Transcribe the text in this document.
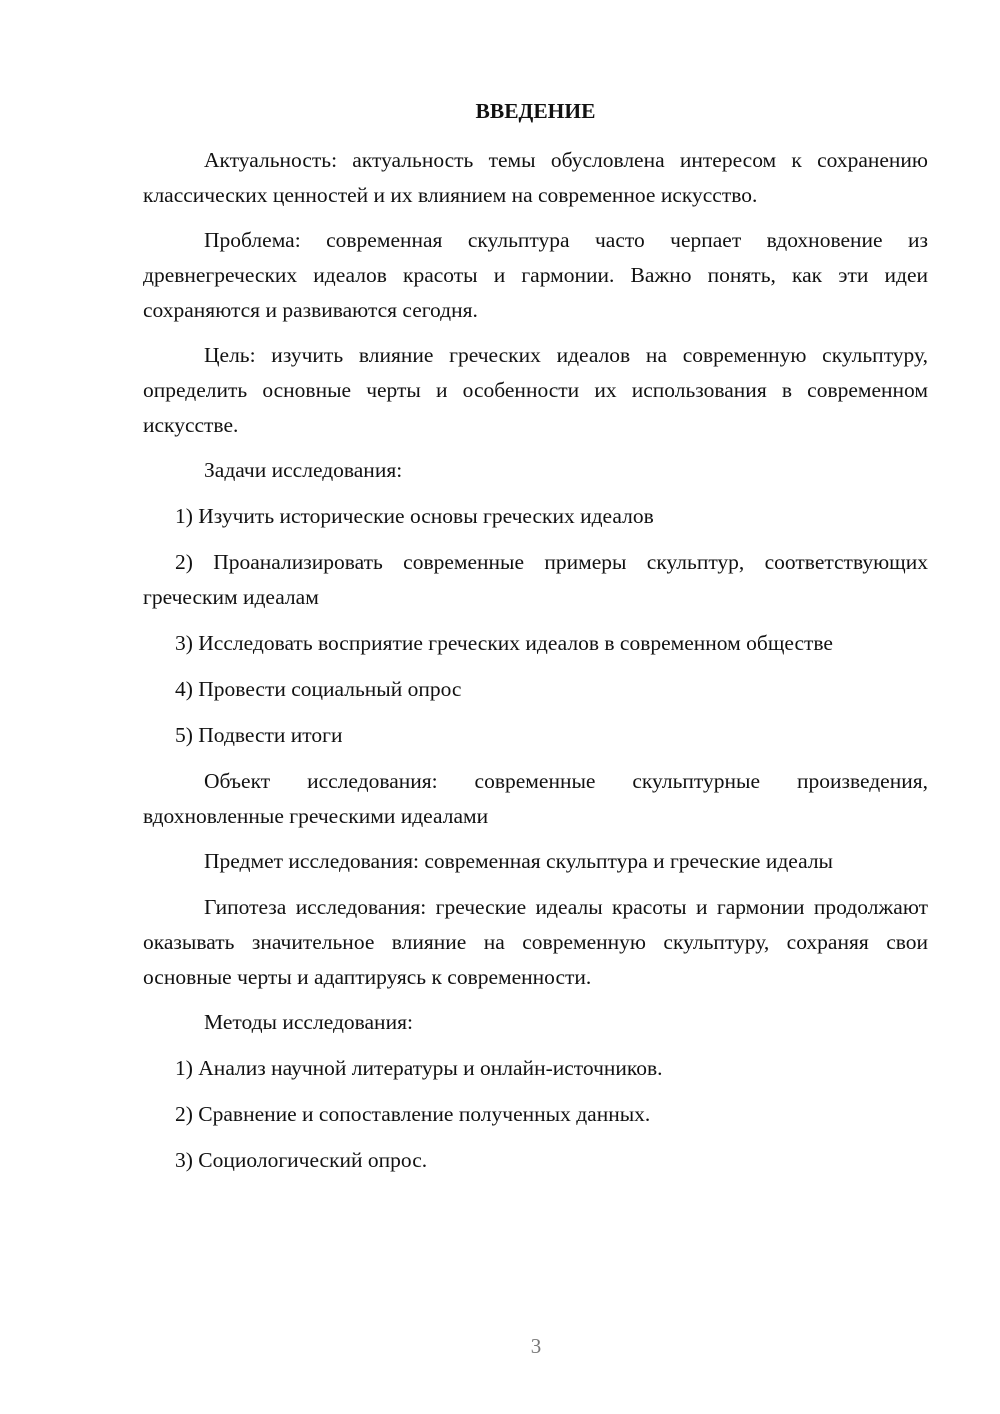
ВВЕДЕНИЕ

Актуальность: актуальность темы обусловлена интересом к сохранению классических ценностей и их влиянием на современное искусство.

Проблема: современная скульптура часто черпает вдохновение из древнегреческих идеалов красоты и гармонии. Важно понять, как эти идеи сохраняются и развиваются сегодня.

Цель: изучить влияние греческих идеалов на современную скульптуру, определить основные черты и особенности их использования в современном искусстве.

Задачи исследования:

1) Изучить исторические основы греческих идеалов

2) Проанализировать современные примеры скульптур, соответствующих греческим идеалам

3) Исследовать восприятие греческих идеалов в современном обществе

4) Провести социальный опрос

5) Подвести итоги

Объект исследования: современные скульптурные произведения, вдохновленные греческими идеалами

Предмет исследования: современная скульптура и греческие идеалы

Гипотеза исследования: греческие идеалы красоты и гармонии продолжают оказывать значительное влияние на современную скульптуру, сохраняя свои основные черты и адаптируясь к современности.

Методы исследования:

1) Анализ научной литературы и онлайн-источников.

2) Сравнение и сопоставление полученных данных.

3) Социологический опрос.

3
